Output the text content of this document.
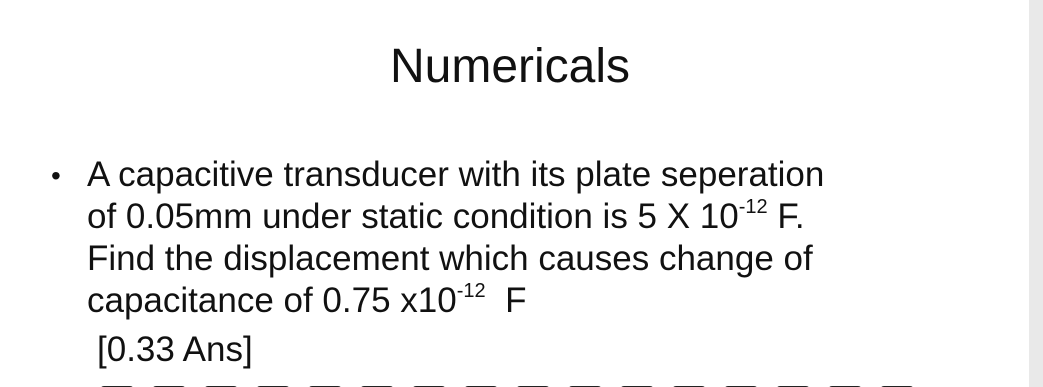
Numericals
• A capacitive transducer with its plate seperation
of 0.05mm under static condition is 5 X $10^{-12}$ F.
Find the displacement which causes change of
capacitance of 0.75 $x10^{-12}$  F
[0.33 Ans]
